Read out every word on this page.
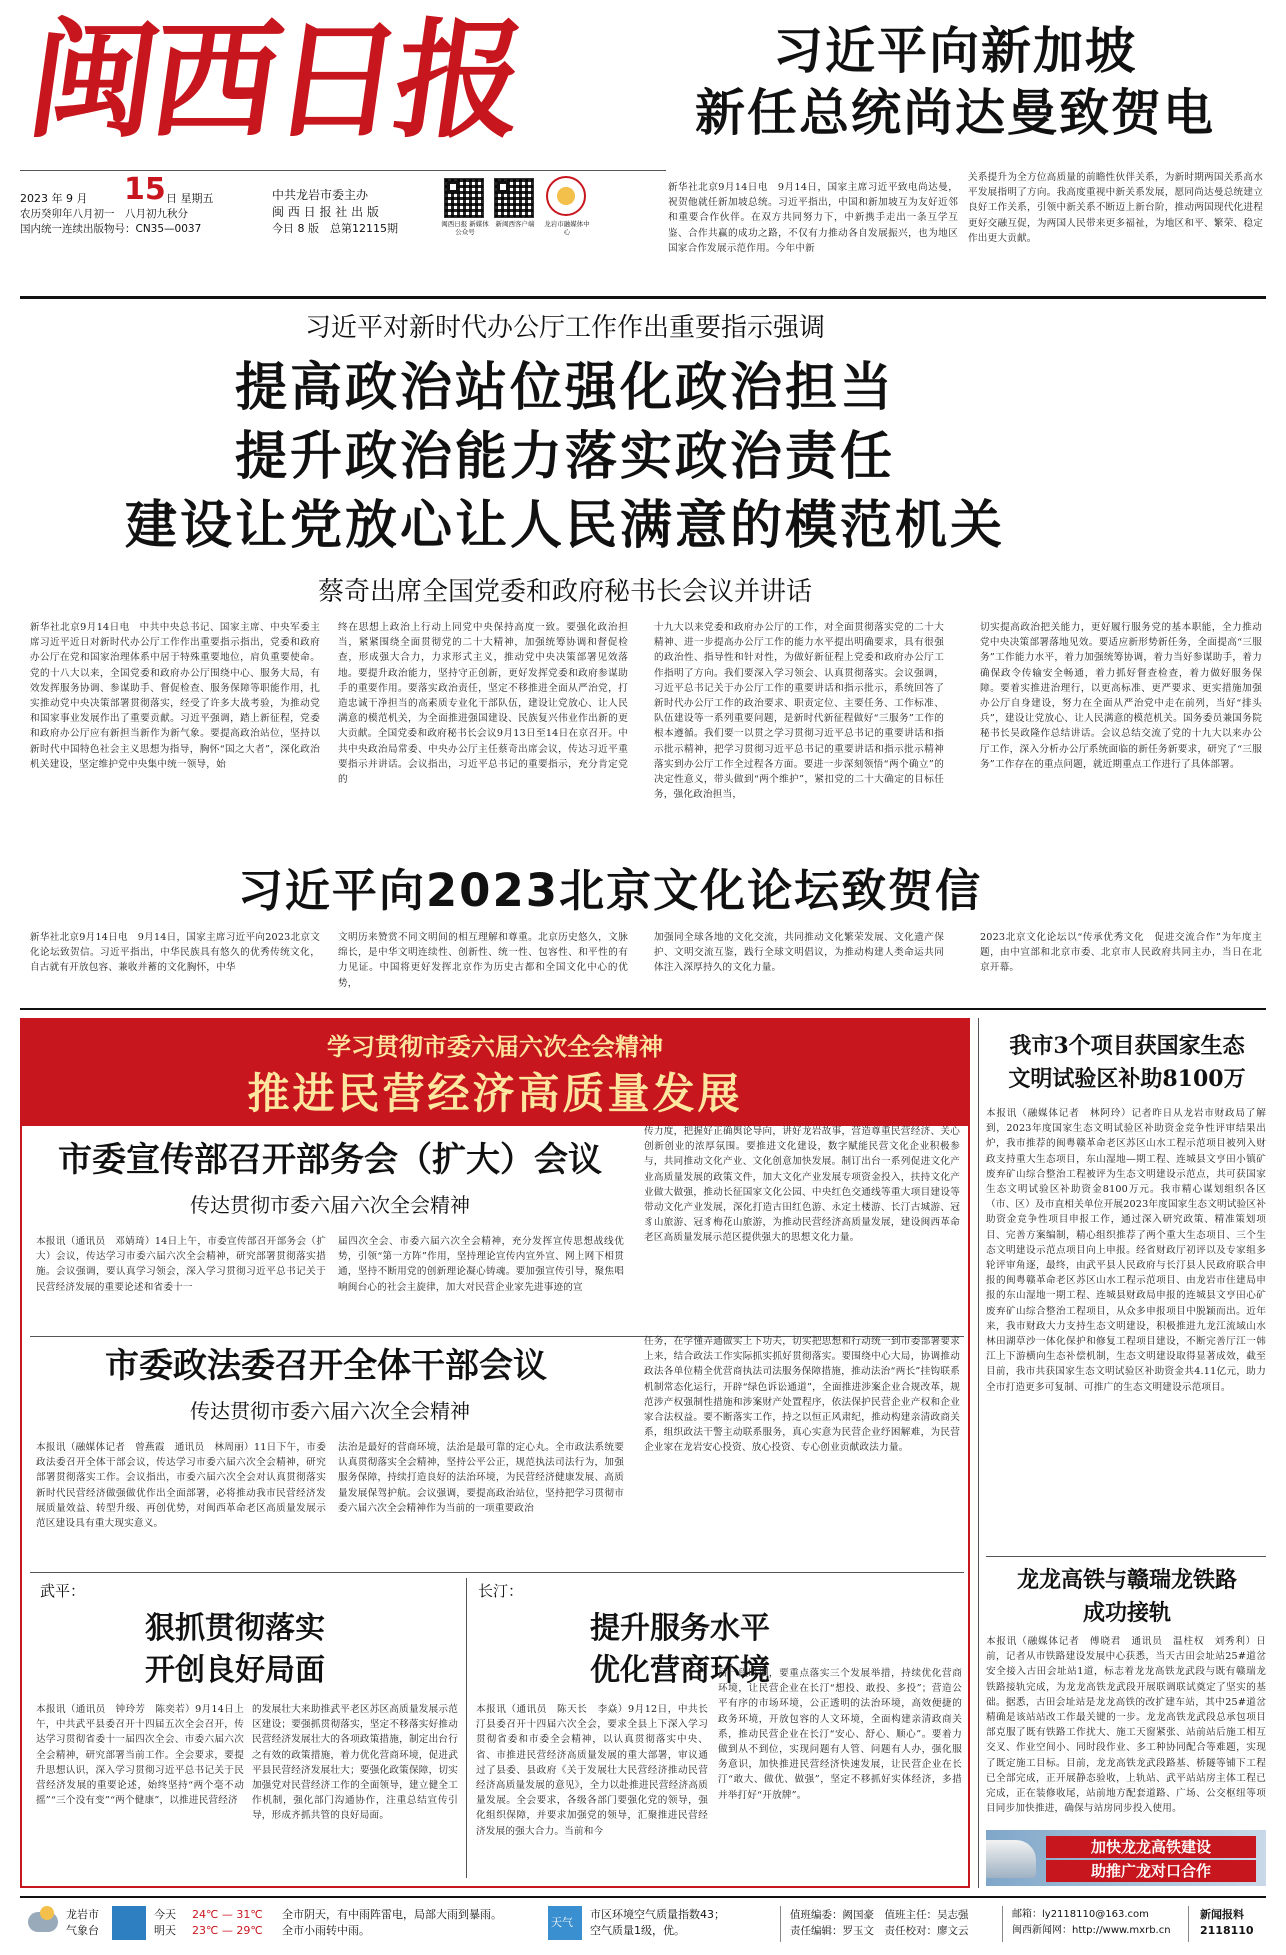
闽
西
日
报
2023 年 9 月 15 日 星期五
农历癸卯年八月初一　八月初九秋分
国内统一连续出版物号：CN35—0037
中共龙岩市委主办
闽 西 日 报 社 出 版
今日 8 版　总第12115期	闽西日报 新媒体公众号
新闽西客户端	龙岩市融媒体中心
习近平向新加坡
新任总统尚达曼致贺电
新华社北京9月14日电　9月14日，国家主席习近平致电尚达曼，祝贺他就任新加坡总统。习近平指出，中国和新加坡互为友好近邻和重要合作伙伴。在双方共同努力下，中新携手走出一条互学互鉴、合作共赢的成功之路，不仅有力推动各自发展振兴，也为地区国家合作发展示范作用。今年中新
关系提升为全方位高质量的前瞻性伙伴关系，为新时期两国关系高水平发展指明了方向。我高度重视中新关系发展，愿同尚达曼总统建立良好工作关系，引领中新关系不断迈上新台阶，推动两国现代化进程更好交融互促，为两国人民带来更多福祉，为地区和平、繁荣、稳定作出更大贡献。
习近平对新时代办公厅工作作出重要指示强调
提高政治站位强化政治担当
提升政治能力落实政治责任
建设让党放心让人民满意的模范机关
蔡奇出席全国党委和政府秘书长会议并讲话
新华社北京9月14日电　中共中央总书记、国家主席、中央军委主席习近平近日对新时代办公厅工作作出重要指示指出，党委和政府办公厅在党和国家治理体系中居于特殊重要地位，肩负重要使命。党的十八大以来，全国党委和政府办公厅围绕中心、服务大局，有效发挥服务协调、参谋助手、督促检查、服务保障等职能作用，扎实推动党中央决策部署贯彻落实，经受了许多大战考验，为推动党和国家事业发展作出了重要贡献。习近平强调，踏上新征程，党委和政府办公厅应有新担当新作为新气象。要提高政治站位，坚持以新时代中国特色社会主义思想为指导，胸怀“国之大者”，深化政治机关建设，坚定维护党中央集中统一领导，始
终在思想上政治上行动上同党中央保持高度一致。要强化政治担当，紧紧围绕全面贯彻党的二十大精神，加强统筹协调和督促检查，形成强大合力，力求形式主义，推动党中央决策部署见效落地。要提升政治能力，坚持守正创新，更好发挥党委和政府参谋助手的重要作用。要落实政治责任，坚定不移推进全面从严治党，打造忠诚干净担当的高素质专业化干部队伍，建设让党放心、让人民满意的模范机关，为全面推进强国建设、民族复兴伟业作出新的更大贡献。全国党委和政府秘书长会议9月13日至14日在京召开。中共中央政治局常委、中央办公厅主任蔡奇出席会议，传达习近平重要指示并讲话。会议指出，习近平总书记的重要指示，充分肯定党的
十九大以来党委和政府办公厅的工作，对全面贯彻落实党的二十大精神、进一步提高办公厅工作的能力水平提出明确要求，具有很强的政治性、指导性和针对性，为做好新征程上党委和政府办公厅工作指明了方向。我们要深入学习领会、认真贯彻落实。会议强调，习近平总书记关于办公厅工作的重要讲话和指示批示，系统回答了新时代办公厅工作的政治要求、职责定位、主要任务、工作标准、队伍建设等一系列重要问题，是新时代新征程做好“三服务”工作的根本遵循。我们要一以贯之学习贯彻习近平总书记的重要讲话和指示批示精神，把学习贯彻习近平总书记的重要讲话和指示批示精神落实到办公厅工作全过程各方面。要进一步深刻领悟“两个确立”的决定性意义，带头做到“两个维护”，紧扣党的二十大确定的目标任务，强化政治担当，
切实提高政治把关能力，更好履行服务党的基本职能，全力推动党中央决策部署落地见效。要适应新形势新任务，全面提高“三服务”工作能力水平，着力加强统筹协调，着力当好参谋助手，着力确保政令传输安全畅通，着力抓好督查检查，着力做好服务保障。要着实推进治理行，以更高标准、更严要求、更实措施加强办公厅自身建设，努力在全面从严治党中走在前列，当好“排头兵”，建设让党放心、让人民满意的模范机关。国务委员兼国务院秘书长吴政隆作总结讲话。会议总结交流了党的十九大以来办公厅工作，深入分析办公厅系统面临的新任务新要求，研究了“三服务”工作存在的重点问题，就近期重点工作进行了具体部署。
习近平向2023北京文化论坛致贺信
新华社北京9月14日电　9月14日，国家主席习近平向2023北京文化论坛致贺信。习近平指出，中华民族具有悠久的优秀传统文化，自古就有开放包容、兼收并蓄的文化胸怀，中华
文明历来赞赏不同文明间的相互理解和尊重。北京历史悠久，文脉绵长，是中华文明连续性、创新性、统一性、包容性、和平性的有力见证。中国将更好发挥北京作为历史古都和全国文化中心的优势，
加强同全球各地的文化交流，共同推动文化繁荣发展、文化遗产保护、文明交流互鉴，践行全球文明倡议，为推动构建人类命运共同体注入深厚持久的文化力量。
2023北京文化论坛以“传承优秀文化　促进交流合作”为年度主题，由中宣部和北京市委、北京市人民政府共同主办，当日在北京开幕。
学习贯彻市委六届六次全会精神
推进民营经济高质量发展
市委宣传部召开部务会（扩大）会议
传达贯彻市委六届六次全会精神
本报讯（通讯员　邓婧琦）14日上午，市委宣传部召开部务会（扩大）会议，传达学习市委六届六次全会精神，研究部署贯彻落实措施。会议强调，要认真学习领会，深入学习贯彻习近平总书记关于民营经济发展的重要论述和省委十一
届四次全会、市委六届六次全会精神，充分发挥宣传思想战线优势，引领“第一方阵”作用，坚持理论宣传内宣外宣、网上网下相贯通，坚持不断用党的创新理论凝心铸魂。要加强宣传引导，聚焦唱响闽台心的社会主旋律，加大对民营企业家先进事迹的宣
传力度，把握好正确舆论导向，讲好龙岩故事，营造尊重民营经济、关心创新创业的浓厚氛围。要推进文化建设，数字赋能民营文化企业积极参与，共同推动文化产业、文化创意加快发展。制订出台一系列促进文化产业高质量发展的政策文件，加大文化产业发展专项资金投入，扶持文化产业做大做强，推动长征国家文化公园、中央红色交通线等重大项目建设等带动文化产业发展，深化打造古田红色游、永定土楼游、长汀古城游、冠豸山旅游、冠豸梅花山旅游，为推动民营经济高质量发展，建设闽西革命老区高质量发展示范区提供强大的思想文化力量。
市委政法委召开全体干部会议
传达贯彻市委六届六次全会精神
本报讯（融媒体记者　曾燕霞　通讯员　林周丽）11日下午，市委政法委召开全体干部会议，传达学习市委六届六次全会精神，研究部署贯彻落实工作。会议指出，市委六届六次全会对认真贯彻落实新时代民营经济做强做优作出全面部署，必将推动我市民营经济发展质量效益、转型升级、再创优势，对闽西革命老区高质量发展示范区建设具有重大现实意义。
法治是最好的营商环境，法治是最可靠的定心丸。全市政法系统要认真贯彻落实全会精神，坚持公平公正，规范执法司法行为，加强服务保障，持续打造良好的法治环境，为民营经济健康发展、高质量发展保驾护航。会议强调，要提高政治站位，坚持把学习贯彻市委六届六次全会精神作为当前的一项重要政治
任务，在学懂弄通做实上下功夫，切实把思想和行动统一到市委部署要求上来，结合政法工作实际抓实抓好贯彻落实。要围绕中心大局，协调推动政法各单位精全优营商执法司法服务保障措施，推动法治“两长”挂钩联系机制常态化运行，开辟“绿色诉讼通道”，全面推进涉案企业合规改革，规范涉产权强制性措施和涉案财产处置程序，依法保护民营企业产权和企业家合法权益。要不断落实工作，持之以恒正风肃纪，推动构建亲清政商关系，组织政法干警主动联系服务，真心实意为民营企业纾困解难，为民营企业家在龙岩安心投资、放心投资、专心创业贡献政法力量。
武平：
狠抓贯彻落实
开创良好局面
本报讯（通讯员　钟玲芳　陈奕若）9月14日上午，中共武平县委召开十四届五次全会召开，传达学习贯彻省委十一届四次全会、市委六届六次全会精神，研究部署当前工作。全会要求，要提升思想认识，深入学习贯彻习近平总书记关于民营经济发展的重要论述，始终坚持“两个毫不动摇”“三个没有变”“两个健康”，以推进民营经济
的发展壮大来助推武平老区苏区高质量发展示范区建设；要强抓贯彻落实，坚定不移落实好推动民营经济发展壮大的各项政策措施，制定出台行之有效的政策措施，着力优化营商环境，促进武平县民营经济发展壮大；要强化政策保障，切实加强党对民营经济工作的全面领导，建立健全工作机制，强化部门沟通协作，注重总结宣传引导，形成齐抓共管的良好局面。
长汀：
提升服务水平
优化营商环境
本报讯（通讯员　陈天长　李焱）9月12日，中共长汀县委召开十四届六次全会，要求全县上下深入学习贯彻省委和市委全会精神，以认真贯彻落实中央、省、市推进民营经济高质量发展的重大部署，审议通过了县委、县政府《关于发展壮大民营经济推动民营经济高质量发展的意见》，全力以赴推进民营经济高质量发展。全会要求，各级各部门要强化党的领导，强化组织保障，并要求加强党的领导，汇聚推进民营经济发展的强大合力。当前和今
后一段时期，要重点落实三个发展举措，持续优化营商环境，让民营企业在长汀“想投、敢投、多投”；营造公平有序的市场环境，公正透明的法治环境，高效便捷的政务环境，开放包容的人文环境，全面构建亲清政商关系，推动民营企业在长汀“安心、舒心、顺心”。要着力做到从不到位，实现问题有人管、问题有人办，强化服务意识，加快推进民营经济快速发展，让民营企业在长汀“敢大、做优、做强”，坚定不移抓好实体经济，多措并举打好“开放牌”。
我市3个项目获国家生态
文明试验区补助8100万
本报讯（融媒体记者　林阿玲）记者昨日从龙岩市财政局了解到，2023年度国家生态文明试验区补助资金竞争性评审结果出炉，我市推荐的闽粤赣革命老区苏区山水工程示范项目被列入财政支持重大生态项目，东山湿地—期工程、连城县文亨田小镇矿废弃矿山综合整治工程被评为生态文明建设示范点，共可获国家生态文明试验区补助资金8100万元。我市精心谋划组织各区（市、区）及市直相关单位开展2023年度国家生态文明试验区补助资金竞争性项目申报工作，通过深入研究政策、精准策划项目、完善方案编制，精心组织推荐了两个重大生态项目、三个生态文明建设示范点项目向上申报。经省财政厅初评以及专家组多轮评审角逐，最终，由武平县人民政府与长汀县人民政府联合申报的闽粤赣革命老区苏区山水工程示范项目、由龙岩市住建局申报的东山湿地一期工程、连城县财政局申报的连城县文亨田心矿废弃矿山综合整治工程项目，从众多申报项目中脱颖而出。近年来，我市财政大力支持生态文明建设，积极推进九龙江流域山水林田湖草沙一体化保护和修复工程项目建设，不断完善厅江一韩江上下游横向生态补偿机制，生态文明建设取得显著成效，截至目前，我市共获国家生态文明试验区补助资金共4.11亿元，助力全市打造更多可复制、可推广的生态文明建设示范项目。
龙龙高铁与赣瑞龙铁路
成功接轨
本报讯（融媒体记者　傅晓君　通讯员　温柱权　刘秀利）日前，记者从市铁路建设发展中心获悉，当天古田会址站25#道岔安全接入古田会址站1道，标志着龙龙高铁龙武段与既有赣瑞龙铁路接轨完成，为龙龙高铁龙武段开展联调联试奠定了坚实的基础。据悉，古田会址站是龙龙高铁的改扩建车站，其中25#道岔精确是该站站改工作最关键的一步。龙龙高铁龙武段总承包项目部克服了既有铁路工作扰大、施工天窗紧张、站前站后施工相互交叉、作业空间小、同时段作业、多工种协同配合等难题，实现了既定施工目标。目前，龙龙高铁龙武段路基、桥隧等铺下工程已全部完成，正开展静态验收，上轨站、武平站站房主体工程已完成，正在装修收尾，站前地方配套道路、广场、公交枢纽等项目同步加快推进，确保与站房同步投入使用。
加快龙龙高铁建设
助推广龙对口合作
龙岩市
气象台
今天
明天
24℃ — 31℃
23℃ — 29℃
全市阴天，有中雨阵雷电，局部大雨到暴雨。
全市小雨转中雨。
天气
市区环境空气质量指数43；
空气质量1级，优。
值班编委：阙国豪　值班主任：吴志强
责任编辑：罗玉文　责任校对：廖文云
邮箱：ly2118110@163.com
闽西新闻网：http://www.mxrb.cn
新闻报料
2118110
